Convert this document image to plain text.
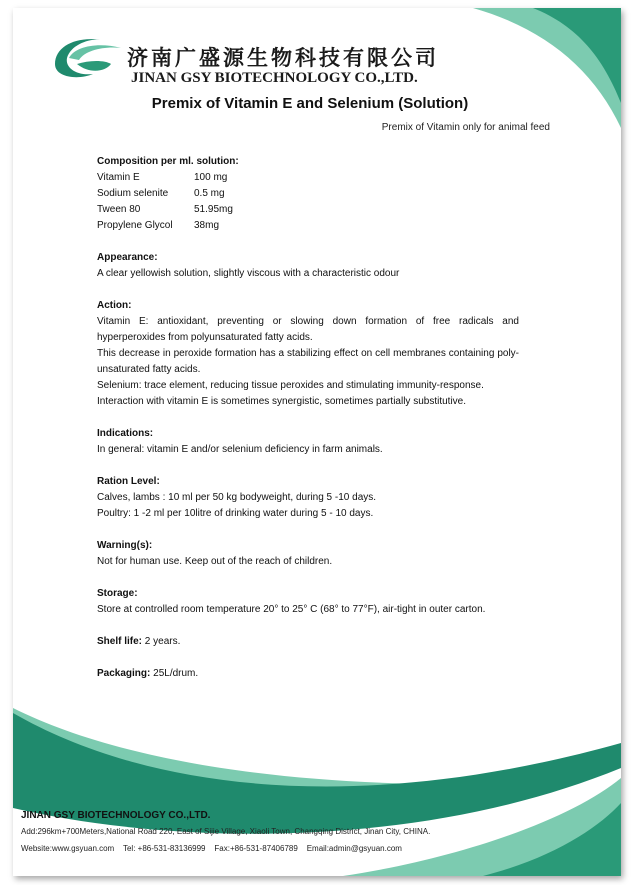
济南广盛源生物科技有限公司
JINAN GSY BIOTECHNOLOGY CO.,LTD.
Premix of Vitamin E and Selenium (Solution)
Premix of Vitamin only for animal feed
Composition per ml. solution:
Vitamin E	100 mg
Sodium selenite	0.5 mg
Tween 80	51.95mg
Propylene Glycol	38mg
Appearance:
A clear yellowish solution, slightly viscous with a characteristic odour
Action:
Vitamin E: antioxidant, preventing or slowing down formation of free radicals and hyperperoxides from polyunsaturated fatty acids.
This decrease in peroxide formation has a stabilizing effect on cell membranes containing poly-unsaturated fatty acids.
Selenium: trace element, reducing tissue peroxides and stimulating immunity-response.
Interaction with vitamin E is sometimes synergistic, sometimes partially substitutive.
Indications:
In general: vitamin E and/or selenium deficiency in farm animals.
Ration Level:
Calves, lambs : 10 ml per 50 kg bodyweight, during 5 -10 days.
Poultry: 1 -2 ml per 10litre of drinking water during 5 - 10 days.
Warning(s):
Not for human use. Keep out of the reach of children.
Storage:
Store at controlled room temperature 20° to 25° C (68° to 77°F), air-tight in outer carton.
Shelf life: 2 years.
Packaging: 25L/drum.
JINAN GSY BIOTECHNOLOGY CO.,LTD.
Add:296km+700Meters,National Road 220, East of Sijie Village, Xiaoli Town, Changqing District, Jinan City, CHINA.
Website:www.gsyuan.com Tel: +86-531-83136999 Fax:+86-531-87406789 Email:admin@gsyuan.com
